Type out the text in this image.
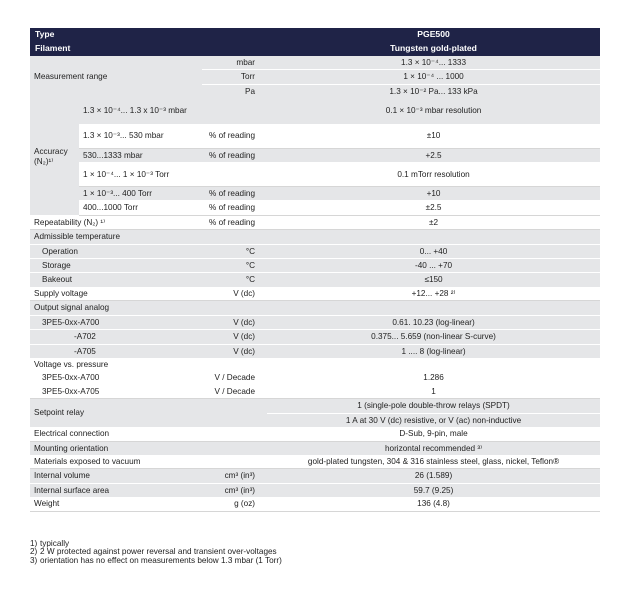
Type			PGE500
Filament			Tungsten gold-plated
Measurement range		mbar	1.3 × 10⁻⁴... 1333
		Torr	1 × 10⁻⁴ ... 1000
		Pa	1.3 × 10⁻² Pa... 133 kPa
Accuracy (N₂)¹⁾	1.3 × 10⁻⁴... 1.3 x 10⁻³ mbar		0.1 × 10⁻³ mbar resolution
	1.3 × 10⁻³... 530 mbar	% of reading	±10
	530...1333 mbar	% of reading	+2.5
	1 × 10⁻⁴... 1 × 10⁻³ Torr		0.1 mTorr resolution
	1 × 10⁻³... 400 Torr	% of reading	+10
	400...1000 Torr	% of reading	±2.5
Repeatability (N₂) ¹⁾		% of reading	±2
Admissible temperature			
Operation		°C	0... +40
Storage		°C	-40 ... +70
Bakeout		°C	≤150
Supply voltage		V (dc)	+12... +28 ²⁾
Output signal analog			
3PE5-0xx-A700		V (dc)	0.61. 10.23 (log-linear)
-A702		V (dc)	0.375... 5.659 (non-linear S-curve)
-A705		V (dc)	1 .... 8 (log-linear)
Voltage vs. pressure			
3PE5-0xx-A700		V / Decade	1.286
3PE5-0xx-A705		V / Decade	1
Setpoint relay			1 (single-pole double-throw relays (SPDT)
			1 A at 30 V (dc) resistive, or V (ac) non-inductive
Electrical connection			D-Sub, 9-pin, male
Mounting orientation			horizontal recommended ³⁾
Materials exposed to vacuum			gold-plated tungsten, 304 & 316 stainless steel, glass, nickel, Teflon®
Internal volume		cm³ (in³)	26 (1.589)
Internal surface area		cm³ (in³)	59.7 (9.25)
Weight		g (oz)	136 (4.8)
1) typically
2) 2 W protected against power reversal and transient over-voltages
3) orientation has no effect on measurements below 1.3 mbar (1 Torr)
